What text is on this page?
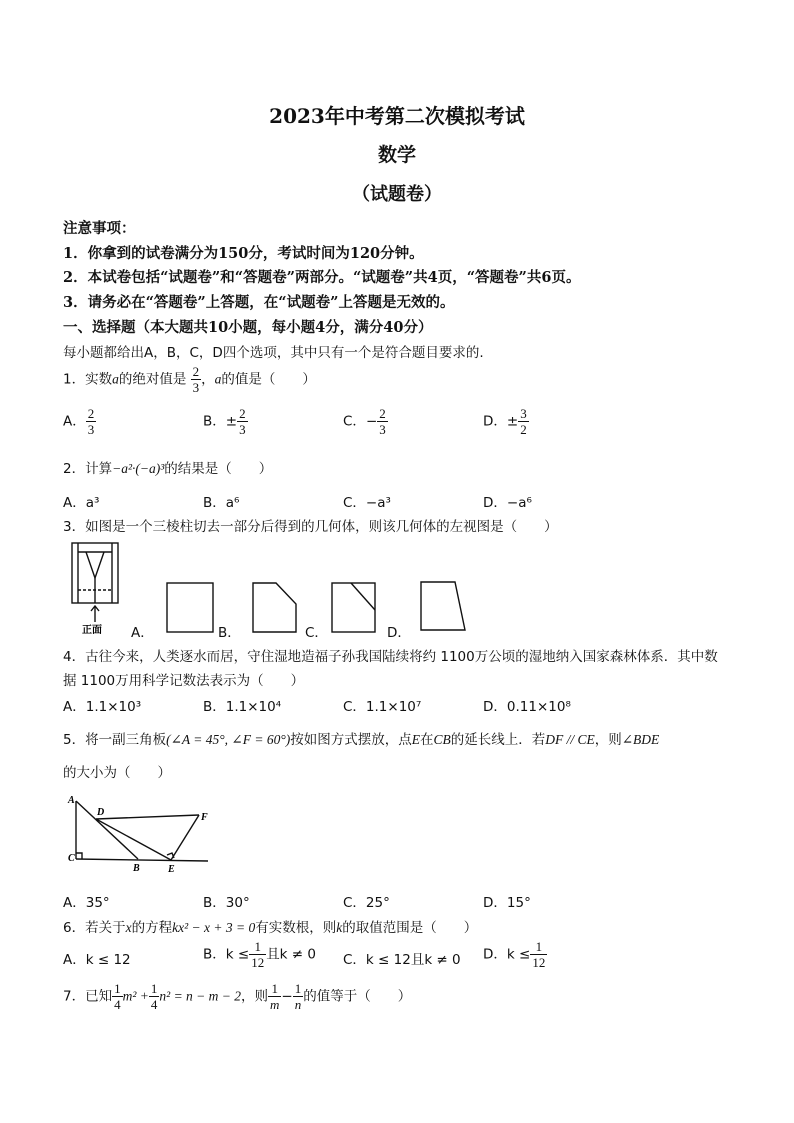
2023年中考第二次模拟考试
数学
（试题卷）
注意事项：
1．你拿到的试卷满分为150分，考试时间为120分钟。
2．本试卷包括“试题卷”和“答题卷”两部分。“试题卷”共4页，“答题卷”共6页。
3．请务必在“答题卷”上答题，在“试题卷”上答题是无效的。
一、选择题（本大题共10小题，每小题4分，满分40分）
每小题都给出A，B，C，D四个选项，其中只有一个是符合题目要求的.
1．实数a的绝对值是 $\frac{2}{3}$ ，a的值是（　　）
A． $\frac{2}{3}$	B．± $\frac{2}{3}$	C．− $\frac{2}{3}$	D．± $\frac{3}{2}$
2．计算−a²·(−a)³的结果是（　　）
A．a³	B．a⁶	C．−a³	D．−a⁶
3．如图是一个三棱柱切去一部分后得到的几何体，则该几何体的左视图是（　　）
正面 A．	B．	C．	D．
4．古往今来，人类逐水而居，守住湿地造福子孙我国陆续将约 1100万公顷的湿地纳入国家森林体系．其中数
据 1100万用科学记数法表示为（　　）
A．1.1×10³	B．1.1×10⁴	C．1.1×10⁷	D．0.11×10⁸
5．将一副三角板(∠A = 45°, ∠F = 60°)按如图方式摆放，点E在CB的延长线上．若DF // CE，则∠BDE
的大小为（　　）
A
D	F
C
B	E
A．35°	B．30°	C．25°	D．15°
6．若关于x的方程kx² − x + 3 = 0有实数根，则k的取值范围是（　　）
A．k ≤ 12	B．$k \le \frac{1}{12}$ 且k ≠ 0 C．k ≤ 12且k ≠ 0 D．$k \le \frac{1}{12}$
7．已知 $\frac{1}{4} m^2 + \frac{1}{4} n^2 = n - m - 2$，则 $\frac{1}{m} - \frac{1}{n}$ 的值等于（　　）
